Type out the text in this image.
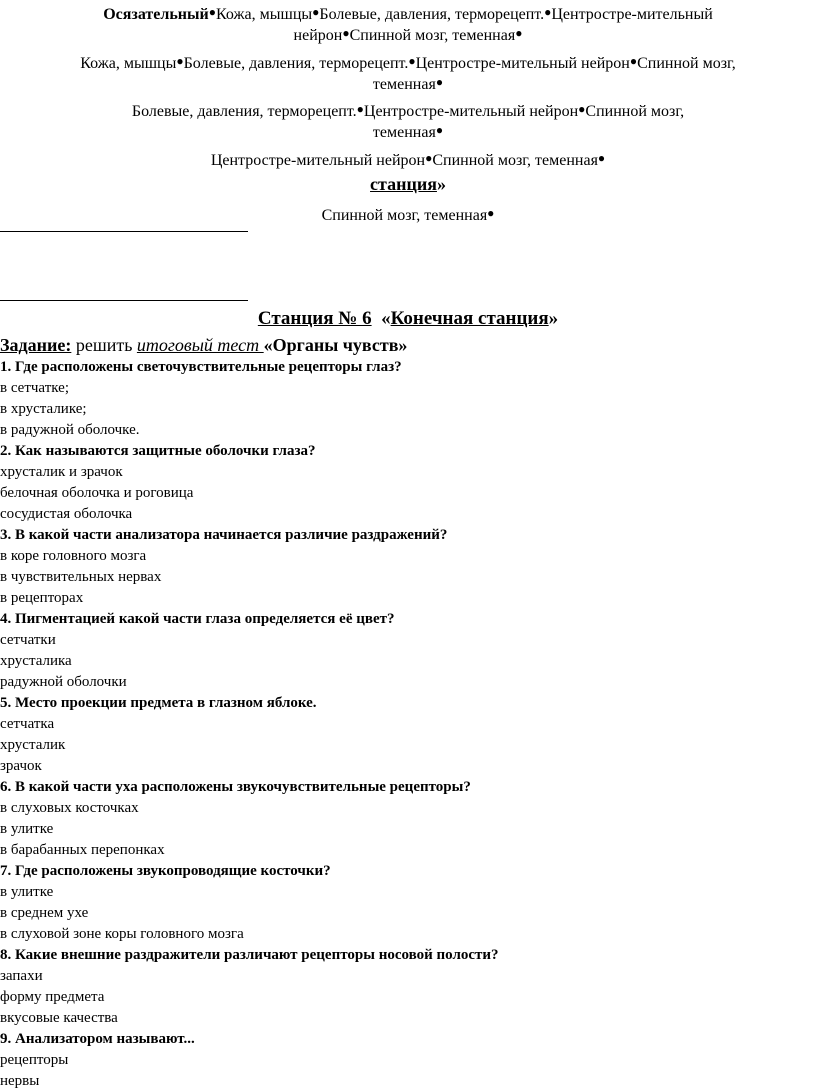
Осязательный●Кожа, мышцы●Болевые, давления, терморецепт.●Центростре-мительный
нейрон●Спинной мозг, теменная●
Кожа, мышцы●Болевые, давления, терморецепт.●Центростре-мительный нейрон●Спинной мозг,
теменная●
Болевые, давления, терморецепт.●Центростре-мительный нейрон●Спинной мозг,
теменная●
Центростре-мительный нейрон●Спинной мозг, теменная●
станция»
Спинной мозг, теменная●
Станция № 6 «Конечная станция»
Задание: решить итоговый тест «Органы чувств»
1. Где расположены светочувствительные рецепторы глаз?
в сетчатке;
в хрусталике;
в радужной оболочке.
2. Как называются защитные оболочки глаза?
хрусталик и зрачок
белочная оболочка и роговица
сосудистая оболочка
3. В какой части анализатора начинается различие раздражений?
в коре головного мозга
в чувствительных нервах
в рецепторах
4. Пигментацией какой части глаза определяется её цвет?
сетчатки
хрусталика
радужной оболочки
5. Место проекции предмета в глазном яблоке.
сетчатка
хрусталик
зрачок
6. В какой части уха расположены звукочувствительные рецепторы?
в слуховых косточках
в улитке
в барабанных перепонках
7. Где расположены звукопроводящие косточки?
в улитке
в среднем ухе
в слуховой зоне коры головного мозга
8. Какие внешние раздражители различают рецепторы носовой полости?
запахи
форму предмета
вкусовые качества
9. Анализатором называют...
рецепторы
нервы
